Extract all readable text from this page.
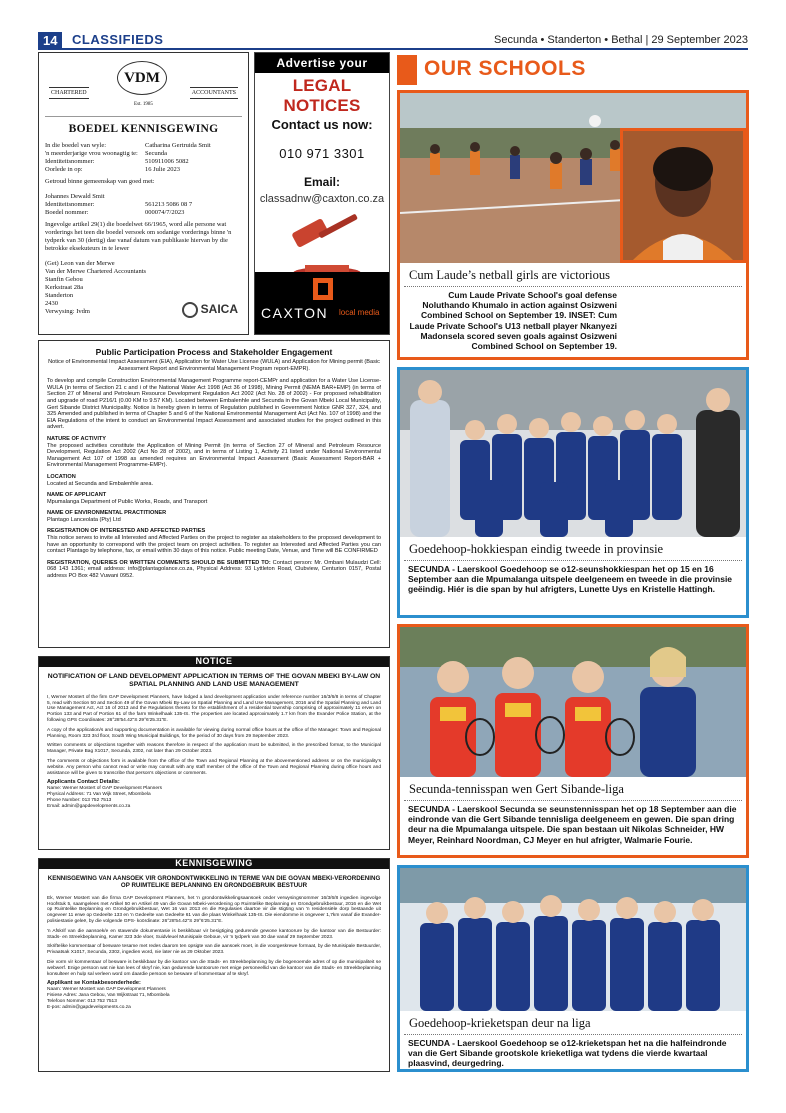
14	CLASSIFIEDS	Secunda • Standerton • Bethal | 29 September 2023
VDM
CHARTERED	ACCOUNTANTS
Est. 1985
BOEDEL KENNISGEWING
In die boedel van wyle:	Catharina Gertruida Smit
'n meerderjarige vrou woonagtig te:	Secunda
Identiteitsnommer:	510911006 5082
Oorlede in op:	16 Julie 2023

Getroud binne gemeenskap van goed met:

Johannes Dewald Smit
Identiteitsnommer:	561213 5086 08 7
Boedel nommer:	000074/7/2023

Ingevolge artikel 29(1) die boedelwet 66/1965, word alle persone wat vorderings het teen die boedel versoek om sodanige vorderings binne 'n tydperk van 30 (dertig) dae vanaf datum van publikasie hiervan by die betrokke eksekuteurs in te lewer

(Get) Leon van der Merwe
Van der Merwe Chartered Accountants
Stanfin Gebou
Kerkstraat 28a
Standerton
2430
Verwysing: Ivdm	SAICA
Advertise your
LEGAL NOTICES
Contact us now:
010 971 3301
Email:
classadnw@caxton.co.za
CAXTON local media
Public Participation Process and Stakeholder Engagement
Notice of Environmental Impact Assessment (EIA), Application for Water Use License (WULA) and Application for Mining permit (Basic Assessment Report and Environmental Management Program report-EMPR).

To develop and compile Construction Environmental Management Programme report-CEMPr and application for a Water Use License- WULA (in terms of Section 21 c and i of the National Water Act 1998 (Act 36 of 1998), Mining Permit (NEMA BAR+EMP) (in terms of Section 27 of Mineral and Petroleum Resource Development Regulation Act 2002 (Act No. 28 of 2002) - For proposed rehabilitation and upgrade of road P216/1 (0.00 KM to 9.57 KM). Located between Embalenhle and Secunda in the Govan Mbeki Local Municipality, Gert Sibande District Municipality. Notice is hereby given in terms of Regulation published in Government Notice GNR 327, 324, and 325 Amended and published in terms of Chapter 5 and 6 of the National Environmental Management Act (Act No. 107 of 1998) and the EIA Regulations of the intent to conduct an Environmental Impact Assessment and associated studies for the project outlined in this advert.

NATURE OF ACTIVITY

The proposed activities constitute the Application of Mining Permit (in terms of Section 27 of Mineral and Petroleum Resource Development, Regulation Act 2002 (Act No 28 of 2002), and in terms of Listing 1, Activity 21 listed under National Environmental Management Act 107 of 1998 as amended requires an Environmental Impact Assessment (Basic Assessment Report-BAR + Environmental Management Programme-EMPr).

LOCATION

Located at Secunda and Embalenhle area.

NAME OF APPLICANT

Mpumalanga Department of Public Works, Roads, and Transport

NAME OF ENVIRONMENTAL PRACTITIONER

Plantago Lanceolata (Pty) Ltd

REGISTRATION OF INTERESTED AND AFFECTED PARTIES

This notice serves to invite all Interested and Affected Parties on the project to register as stakeholders to the proposed development to have an opportunity to correspond with the project team on project activities. To register as Interested and Affected Parties you can contact Plantago by telephone, fax, or email within 30 days of this notice. Public meeting Date, Venue, and Time will BE CONFIRMED

REGISTRATION, QUERIES OR WRITTEN COMMENTS SHOULD BE SUBMITTED TO: Contact person: Mr. Ombani Mulaudzi Cell: 068 143 1361; email address: info@plantagolance.co.za, Physical Address: 93 Lyttleton Road, Clubview, Centurion 0157, Postal address PO Box 482 Vuwani 0952.

NOTICE
NOTIFICATION OF LAND DEVELOPMENT APPLICATION IN TERMS OF THE GOVAN MBEKI BY-LAW ON SPATIAL PLANNING AND LAND USE MANAGEMENT

I, Werner Mostert of the firm GAP Development Planners, have lodged a land development application under reference number 16/3/6/8 in terms of Chapter 5, read with Section 50 and Section 49 of the Govan Mbeki By-Law on Spatial Planning and Land Use Management, 2016 and the Spatial Planning and Land Use Management Act, Act 16 of 2013 and the Regulations thereto for the establishment of a residential township comprising of approximately 11 erven on Portion 133 and Part of Portion 61 of the farm Winkelhaak 135-IS. The properties are located approximately 1.7 km from the Evander Police Station, at the following GPS Coordinates: 26°28'54.42"S 29°6'25.31"E.

A copy of the application/s and supporting documentation is available for viewing during normal office hours at the office of the Manager: Town and Regional Planning, Room 323 3rd floor, South Wing Municipal Buildings, for the period of 30 days from 29 September 2023.

Written comments or objections together with reasons therefore in respect of the application must be submitted, in the prescribed format, to the Municipal Manager, Private Bag X1017, Secunda, 2302, not later than 29 October 2023.

The comments or objections form is available from the office of the Town and Regional Planning at the abovementioned address or on the municipality's website. Any person who cannot read or write may consult with any staff member of the office of the Town and Regional Planning during office hours and assistance will be given to transcribe that person's objections or comments.

Applicants Contact Details:
Name: Werner Mostert of GAP Development Planners
Physical Address: 71 Van Wijk Street, Mbombela
Phone Number: 013 752 7513
Email: admin@gapdevelopments.co.za
KENNISGEWING
KENNISGEWING VAN AANSOEK VIR GRONDONTWIKKELING IN TERME VAN DIE GOVAN MBEKI-VERORDENING OP RUIMTELIKE BEPLANNING EN GRONDGEBRUIK BESTUUR

Ek, Werner Mostert van die firma GAP Development Planners, het 'n grondontwikkelingsaansoek onder verwysingsnommer 16/3/6/8 ingedien ingevolge Hoofstuk 5, saamgelees met Artikel 50 en Artikel 49 van die Govan Mbeki-verordening op Ruimtelike Beplanning en Grondgebruikbestuur, 2016 en die Wet op Ruimtelike Beplanning en Grondgebruikbestuur, Wet 16 van 2013 en die Regulasies daartoe vir die stigting van 'n residensiële dorp bestaande uit ongeveer 11 erwe op Gedeelte 133 en 'n Gedeelte van Gedeelte 61 van die plaas Winkelhaak 135-IS. Die eiendomme is ongeveer 1,7km vanaf die Evander-polisiestasie geleë, by die volgende GPS- koördinate: 26°28'54.42"S 29°6'25.31"E.

'n Afskrif van die aansoek/e en stawende dokumentasie is beskikbaar vir besigtiging gedurende gewone kantoorure by die kantoor van die Bestuurder: Stads- en Streekbeplanning, Kamer 323 3de vloer, Suidvleuel Munisipale Geboue, vir 'n tydperk van 30 dae vanaf 29 September 2023.

Skriftelike kommentaar of besware tesame met redes daarom ten opsigte van die aansoek moet, in die voorgeskrewe formaat, by die Munisipale Bestuurder, Privaatsak X1017, Secunda, 2302, ingedien word, nie later nie as 29 Oktober 2023.

Die vorm vir kommentaar of besware is beskikbaar by die kantoor van die Stads- en Streekbeplanning by die bogenoemde adres of op die munisipaliteit se webwerf. Enige persoon wat nie kan lees of skryf nie, kan gedurende kantoorure met enige personeellid van die kantoor van die Stads- en Streekbeplanning konsulteer en hulp sal verleen word om daardie persoon se besware of kommentaar af te skryf.

Applikant se Kontakbesonderhede:
Naam: Werner Mostert van GAP Development Planners
Fisiese Adres: Jana Gebou, Van Wijkstraat 71, Mbombela
Telefoon Nommer: 013 752 7513
E-pos: admin@gapdevelopments.co.za
OUR SCHOOLS
Cum Laude’s netball girls are victorious
Cum Laude Private School's goal defense Noluthando Khumalo in action against Osizweni Combined School on September 19. INSET: Cum Laude Private School's U13 netball player Nkanyezi Madonsela scored seven goals against Osizweni Combined School on September 19.
Goedehoop-hokkiespan eindig tweede in provinsie
SECUNDA - Laerskool Goedehoop se o12-seunshokkiespan het op 15 en 16 September aan die Mpumalanga uitspele deelgeneem en tweede in die provinsie geëindig. Hiér is die span by hul afrigters, Lunette Uys en Kristelle Hattingh.
Secunda-tennisspan wen Gert Sibande-liga
SECUNDA - Laerskool Secunda se seunstennisspan het op 18 September aan die eindronde van die Gert Sibande tennisliga deelgeneem en gewen. Die span dring deur na die Mpumalanga uitspele. Die span bestaan uit Nikolas Schneider, HW Meyer, Reinhard Noordman, CJ Meyer en hul afrigter, Walmarie Fourie.
Goedehoop-krieketspan deur na liga
SECUNDA - Laerskool Goedehoop se o12-krieketspan het na die halfeindronde van die Gert Sibande grootskole krieketliga wat tydens die vierde kwartaal plaasvind, deurgedring.
